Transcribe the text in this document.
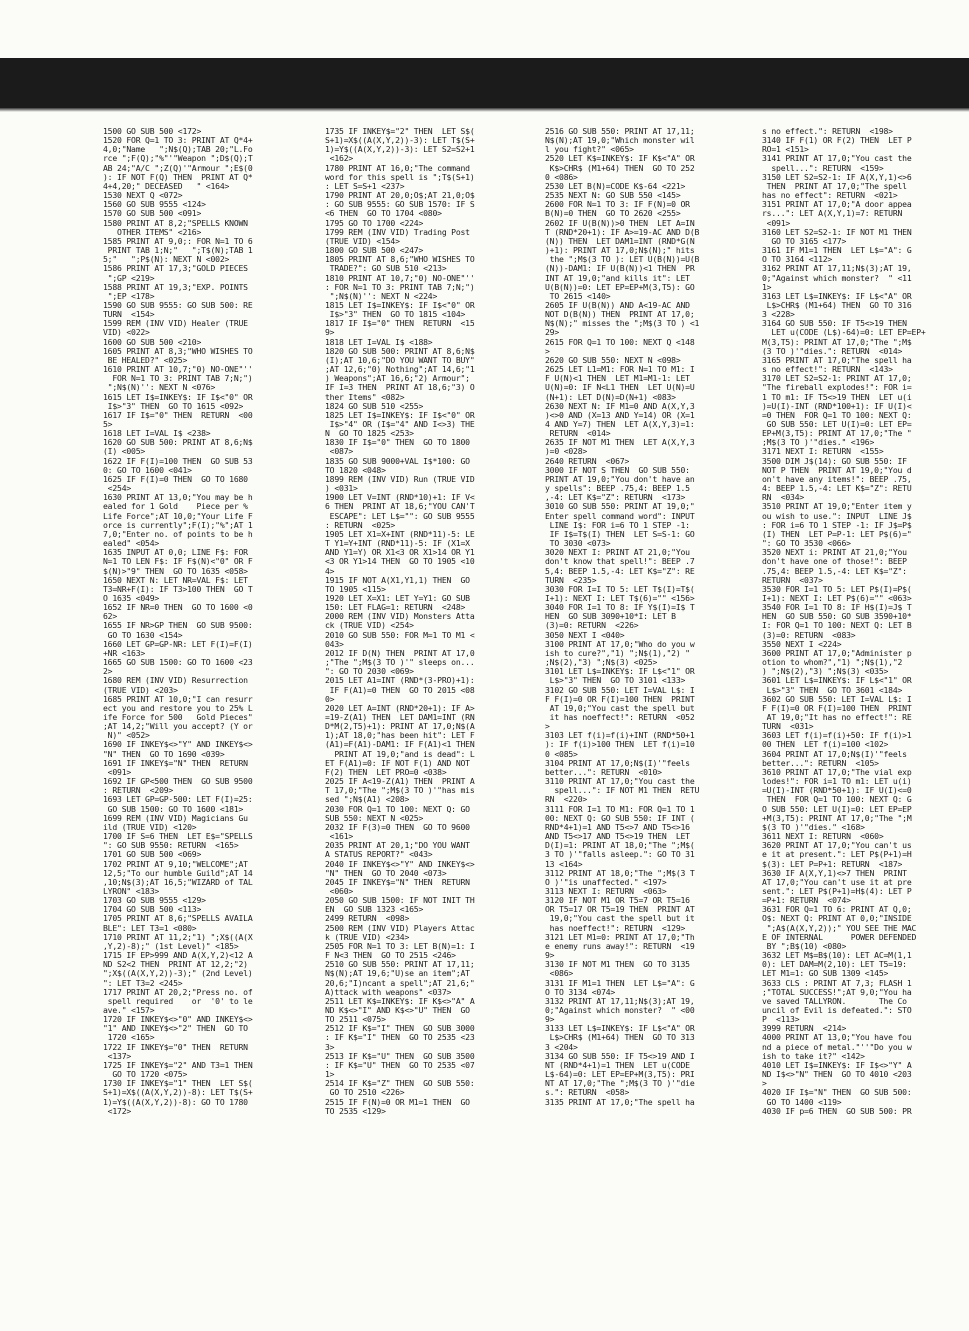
1500 GO SUB 500 <172>
1520 FOR Q=1 TO 3: PRINT AT Q*4+
4,0;"Name   ";N$(Q);TAB 20;"L.Fo
rce ";F(Q);"%"'"Weapon ";D$(Q);T
AB 24;"A/C ";Z(Q)'"Armour ";E$(0
): IF NOT F(Q) THEN  PRINT AT Q*
4+4,20;" DECEASED   " <164>
1530 NEXT Q <072>
1560 GO SUB 9555 <124>
1570 GO SUB 500 <091>
1580 PRINT AT 8,2;"SPELLS KNOWN
OTHER ITEMS" <216>
1585 PRINT AT 9,0;: FOR N=1 TO 6
PRINT TAB 1;N;"   ";T$(N);TAB 1
5;"   ";P$(N): NEXT N <002>
1586 PRINT AT 17,3;"GOLD PIECES
";GP <219>
1588 PRINT AT 19,3;"EXP. POINTS
";EP <178>
1590 GO SUB 9555: GO SUB 500: RE
TURN  <154>
1599 REM (INV VID) Healer (TRUE
VID) <022>
1600 GO SUB 500 <210>
1605 PRINT AT 8,3;"WHO WISHES TO
BE HEALED?" <025>
1610 PRINT AT 10,7;"0) NO-ONE"''
FOR N=1 TO 3: PRINT TAB 7;N;")
";N$(N)'': NEXT N <076>
1615 LET I$=INKEY$: IF I$<"0" OR
I$>"3" THEN  GO TO 1615 <092>
1617 IF I$="0" THEN  RETURN  <00
5>
1618 LET I=VAL I$ <238>
1620 GO SUB 500: PRINT AT 8,6;N$
(I) <005>
1622 IF F(I)=100 THEN  GO SUB 53
0: GO TO 1600 <041>
1625 IF F(I)=0 THEN  GO TO 1680
<254>
1630 PRINT AT 13,0;"You may be h
ealed for 1 Gold    Piece per %
Life Force";AT 10,0;"Your Life F
orce is currently";F(I);"%";AT 1
7,0;"Enter no. of points to be h
ealed" <054>
1635 INPUT AT 0,0; LINE F$: FOR
N=1 TO LEN F$: IF F$(N)<"0" OR F
$(N)>"9" THEN  GO TO 1635 <058>
1650 NEXT N: LET NR=VAL F$: LET
T3=NR+F(I): IF T3>100 THEN  GO T
O 1635 <049>
1652 IF NR=0 THEN  GO TO 1600 <0
62>
1655 IF NR>GP THEN  GO SUB 9500:
GO TO 1630 <154>
1660 LET GP=GP-NR: LET F(I)=F(I)
+NR <163>
1665 GO SUB 1500: GO TO 1600 <23
2>
1680 REM (INV VID) Resurrection
(TRUE VID) <203>
1685 PRINT AT 10,0;"I can resurr
ect you and restore you to 25% L
ife Force for 500   Gold Pieces"
;AT 14,2;"Will you accept? (Y or
N)" <052>
1690 IF INKEY$<>"Y" AND INKEY$<>
"N" THEN  GO TO 1690 <039>
1691 IF INKEY$="N" THEN  RETURN
<091>
1692 IF GP<500 THEN  GO SUB 9500
: RETURN  <209>
1693 LET GP=GP-500: LET F(I)=25:
GO SUB 1500: GO TO 1600 <181>
1699 REM (INV VID) Magicians Gu
ild (TRUE VID) <120>
1700 IF S=6 THEN  LET E$="SPELLS
": GO SUB 9550: RETURN  <165>
1701 GO SUB 500 <069>
1702 PRINT AT 9,10;"WELCOME";AT
12,5;"To our humble Guild";AT 14
,10;N$(3);AT 16,5;"WIZARD of TAL
LYRON" <183>
1703 GO SUB 9555 <129>
1704 GO SUB 500 <113>
1705 PRINT AT 8,6;"SPELLS AVAILA
BLE": LET T3=1 <080>
1710 PRINT AT 11,2;"1) ";X$((A(X
,Y,2)-8);" (1st Level)" <185>
1715 IF EP>999 AND A(X,Y,2)<12 A
ND S2<2 THEN  PRINT AT 12,2;"2)
";X$((A(X,Y,2))-3);" (2nd Level)
": LET T3=2 <245>
1717 PRINT AT 20,2;"Press no. of
spell required    or  '0' to le
ave." <157>
1720 IF INKEY$<>"0" AND INKEY$<>
"1" AND INKEY$<>"2" THEN  GO TO
1720 <165>
1722 IF INKEY$="0" THEN  RETURN
<137>
1725 IF INKEY$="2" AND T3=1 THEN
GO TO 1720 <075>
1730 IF INKEY$="1" THEN  LET S$(
S+1)=X$((A(X,Y,2))-8): LET T$(S+
1)=Y$((A(X,Y,2))-8): GO TO 1780
<172>
1735 IF INKEY$="2" THEN  LET S$(
S+1)=X$((A(X,Y,2))-3): LET T$(S+
1)=Y$((A(X,Y,2))-3): LET S2=S2+1
<162>
1780 PRINT AT 16,0;"The command
word for this spell is ";T$(S+1)
: LET S=S+1 <237>
1790 PRINT AT 20,0;O$;AT 21,0;O$
: GO SUB 9555: GO SUB 1570: IF S
<6 THEN  GO TO 1704 <080>
1795 GO TO 1700 <224>
1799 REM (INV VID) Trading Post
(TRUE VID) <154>
1800 GO SUB 500 <247>
1805 PRINT AT 8,6;"WHO WISHES TO
TRADE?": GO SUB 510 <213>
1810 PRINT AT 10,7;"0) NO-ONE"''
: FOR N=1 TO 3: PRINT TAB 7;N;")
";N$(N)'': NEXT N <224>
1815 LET I$=INKEY$: IF I$<"0" OR
I$>"3" THEN  GO TO 1815 <104>
1817 IF I$="0" THEN  RETURN  <15
9>
1818 LET I=VAL I$ <188>
1820 GO SUB 500: PRINT AT 8,6;N$
(I);AT 10,6;"DO YOU WANT TO BUY"
;AT 12,6;"0) Nothing";AT 14,6;"1
) Weapons";AT 16,6;"2) Armour";
IF I=3 THEN  PRINT AT 18,6;"3) O
ther Items" <082>
1824 GO SUB 510 <255>
1825 LET I$=INKEY$: IF I$<"0" OR
I$>"4" OR (I$="4" AND I<>3) THE
N  GO TO 1825 <253>
1830 IF I$="0" THEN  GO TO 1800
<087>
1835 GO SUB 9000+VAL I$*100: GO
TO 1820 <048>
1899 REM (INV VID) Run (TRUE VID
) <031>
1900 LET V=INT (RND*10)+1: IF V<
6 THEN  PRINT AT 18,6;"YOU CAN'T
ESCAPE": LET L$="": GO SUB 9555
: RETURN  <025>
1905 LET X1=X+INT (RND*11)-5: LE
T Y1=Y+INT (RND*11)-5: IF (X1=X
AND Y1=Y) OR X1<3 OR X1>14 OR Y1
<3 OR Y1>14 THEN  GO TO 1905 <10
4>
1915 IF NOT A(X1,Y1,1) THEN  GO
TO 1905 <115>
1920 LET X=X1: LET Y=Y1: GO SUB
150: LET FLAG=1: RETURN  <248>
2000 REM (INV VID) Monsters Atta
ck (TRUE VID) <254>
2010 GO SUB 550: FOR M=1 TO M1 <
043>
2012 IF D(N) THEN  PRINT AT 17,0
;"The ";M$(3 TO )'" sleeps on...
": GO TO 2030 <069>
2015 LET A1=INT (RND*(3-PRO)+1):
IF F(A1)=0 THEN  GO TO 2015 <08
0>
2020 LET A=INT (RND*20+1): IF A>
=19-Z(A1) THEN  LET DAM1=INT (RN
D*M(2,T5)+1): PRINT AT 17,0;N$(A
1);AT 18,0;"has been hit": LET F
(A1)=F(A1)-DAM1: IF F(A1)<1 THEN
PRINT AT 19,0;"and is dead": L
ET F(A1)=0: IF NOT F(1) AND NOT
F(2) THEN  LET PRO=0 <038>
2025 IF A<19-Z(A1) THEN  PRINT A
T 17,0;"The ";M$(3 TO )'"has mis
sed ";N$(A1) <208>
2030 FOR Q=1 TO 100: NEXT Q: GO
SUB 550: NEXT N <025>
2032 IF F(3)=0 THEN  GO TO 9600
<161>
2035 PRINT AT 20,1;"DO YOU WANT
A STATUS REPORT?" <043>
2040 IF INKEY$<>"Y" AND INKEY$<>
"N" THEN  GO TO 2040 <073>
2045 IF INKEY$="N" THEN  RETURN
<060>
2050 GO SUB 1500: IF NOT INIT TH
EN  GO SUB 1323 <165>
2499 RETURN  <098>
2500 REM (INV VID) Players Attac
k (TRUE VID) <234>
2505 FOR N=1 TO 3: LET B(N)=1: I
F N<3 THEN  GO TO 2515 <246>
2510 GO SUB 550: PRINT AT 17,11;
N$(N);AT 19,6;"U)se an item";AT
20,6;"I)ncant a spell";AT 21,6;"
A)ttack with weapons" <037>
2511 LET K$=INKEY$: IF K$<>"A" A
ND K$<>"I" AND K$<>"U" THEN  GO
TO 2511 <075>
2512 IF K$="I" THEN  GO SUB 3000
: IF K$="I" THEN  GO TO 2535 <23
3>
2513 IF K$="U" THEN  GO SUB 3500
: IF K$="U" THEN  GO TO 2535 <07
1>
2514 IF K$="Z" THEN  GO SUB 550:
GO TO 2510 <226>
2515 IF F(N)=0 OR M1=1 THEN  GO
TO 2535 <129>
2516 GO SUB 550: PRINT AT 17,11;
N$(N);AT 19,0;"Which monster wil
l you fight?" <065>
2520 LET K$=INKEY$: IF K$<"A" OR
K$>CHR$ (M1+64) THEN  GO TO 252
0 <086>
2530 LET B(N)=CODE K$-64 <221>
2535 NEXT N: GO SUB 550 <145>
2600 FOR N=1 TO 3: IF F(N)=0 OR
B(N)=0 THEN  GO TO 2620 <255>
2602 IF U(B(N))>0 THEN  LET A=IN
T (RND*20+1): IF A>=19-AC AND D(B
(N)) THEN  LET DAM1=INT (RND*G(N
)+1): PRINT AT 17,0;N$(N);" hits
the ";M$(3 TO ): LET U(B(N))=U(B
(N))-DAM1: IF U(B(N))<1 THEN  PR
INT AT 19,0;"and kills it": LET
U(B(N))=0: LET EP=EP+M(3,T5): GO
TO 2615 <140>
2605 IF U(B(N)) AND A<19-AC AND
NOT D(B(N)) THEN  PRINT AT 17,0;
N$(N);" misses the ";M$(3 TO ) <1
29>
2615 FOR Q=1 TO 100: NEXT Q <148
>
2620 GO SUB 550: NEXT N <098>
2625 LET L1=M1: FOR N=1 TO M1: I
F U(N)<1 THEN  LET M1=M1-1: LET
U(N)=0: IF N<L1 THEN  LET U(N)=U
(N+1): LET D(N)=D(N+1) <083>
2630 NEXT N: IF M1=0 AND A(X,Y,3
)<>0 AND (X=13 AND Y=14) OR (X=1
4 AND Y=7) THEN  LET A(X,Y,3)=1:
RETURN  <014>
2635 IF NOT M1 THEN  LET A(X,Y,3
)=0 <028>
2640 RETURN  <067>
3000 IF NOT S THEN  GO SUB 550:
PRINT AT 19,0;"You don't have an
y spells": BEEP .75,4: BEEP 1.5
,-4: LET K$="Z": RETURN  <173>
3010 GO SUB 550: PRINT AT 19,0;"
Enter spell command word": INPUT
LINE I$: FOR i=6 TO 1 STEP -1:
IF I$=T$(I) THEN  LET S=S-1: GO
TO 3030 <073>
3020 NEXT I: PRINT AT 21,0;"You
don't know that spell!": BEEP .7
5,4: BEEP 1.5,-4: LET K$="Z": RE
TURN  <235>
3030 FOR I=I TO 5: LET T$(I)=T$(
I+1): NEXT I: LET T$(6)="" <156>
3040 FOR I=1 TO 8: IF Y$(I)=I$ T
HEN  GO SUB 3090+10*I: LET B
(3)=0: RETURN  <226>
3050 NEXT I <040>
3100 PRINT AT 17,0;"Who do you w
ish to cure?","1) ";N$(1),"2) "
;N$(2),"3) ";N$(3) <025>
3101 LET L$=INKEY$: IF L$<"1" OR
L$>"3" THEN  GO TO 3101 <133>
3102 GO SUB 550: LET I=VAL L$: I
F F(I)=0 OR F(I)=100 THEN  PRINT
AT 19,0;"You cast the spell but
it has noeffect!": RETURN  <052
>
3103 LET f(i)=f(i)+INT (RND*50+1
): IF f(i)>100 THEN  LET f(i)=10
0 <085>
3104 PRINT AT 17,0;N$(I)'"feels
better...": RETURN  <010>
3110 PRINT AT 17,0;"You cast the
spell...": IF NOT M1 THEN  RETU
RN  <220>
3111 FOR I=1 TO M1: FOR Q=1 TO 1
00: NEXT Q: GO SUB 550: IF INT (
RND*4+1)=1 AND T5<>7 AND T5<>16
AND T5<>17 AND T5<>19 THEN  LET
D(I)=1: PRINT AT 18,0;"The ";M$(
3 TO )'"falls asleep.": GO TO 31
13 <164>
3112 PRINT AT 18,0;"The ";M$(3 T
O )'"is unaffected." <197>
3113 NEXT I: RETURN  <063>
3120 IF NOT M1 OR T5=7 OR T5=16
OR T5=17 OR T5=19 THEN  PRINT AT
19,0;"You cast the spell but it
has noeffect!": RETURN  <129>
3121 LET M1=0: PRINT AT 17,0;"Th
e enemy runs away!": RETURN  <19
9>
3130 IF NOT M1 THEN  GO TO 3135
<086>
3131 IF M1=1 THEN  LET L$="A": G
O TO 3134 <074>
3132 PRINT AT 17,11;N$(3);AT 19,
0;"Against which monster?  " <00
9>
3133 LET L$=INKEY$: IF L$<"A" OR
L$>CHR$ (M1+64) THEN  GO TO 313
3 <204>
3134 GO SUB 550: IF T5<>19 AND I
NT (RND*4+1)=1 THEN  LET u(CODE
L$-64)=0: LET EP=EP+M(3,T5): PRI
NT AT 17,0;"The ";M$(3 TO )'"die
s.": RETURN  <058>
3135 PRINT AT 17,0;"The spell ha
s no effect.": RETURN  <198>
3140 IF F(1) OR F(2) THEN  LET P
RO=1 <151>
3141 PRINT AT 17,0;"You cast the
spell...": RETURN  <159>
3150 LET S2=S2-1: IF A(X,Y,1)<>6
THEN  PRINT AT 17,0;"The spell
has no effect": RETURN  <021>
3151 PRINT AT 17,0;"A door appea
rs...": LET A(X,Y,1)=7: RETURN
<091>
3160 LET S2=S2-1: IF NOT M1 THEN
GO TO 3165 <177>
3161 IF M1=1 THEN  LET L$="A": G
O TO 3164 <112>
3162 PRINT AT 17,11;N$(3);AT 19,
0;"Against which monster?  " <11
1>
3163 LET L$=INKEY$: IF L$<"A" OR
L$>CHR$ (M1+64) THEN  GO TO 316
3 <228>
3164 GO SUB 550: IF T5<>19 THEN
LET u(CODE (L$)-64)=0: LET EP=EP+
M(3,T5): PRINT AT 17,0;"The ";M$
(3 TO )'"dies.": RETURN  <014>
3165 PRINT AT 17,0;"The spell ha
s no effect!": RETURN  <143>
3170 LET S2=S2-1: PRINT AT 17,0;
"The fireball explodes!": FOR i=
1 TO m1: IF T5<>19 THEN  LET u(i
)=U(I)-INT (RND*100+1): IF U(I)<
=0 THEN  FOR Q=1 TO 100: NEXT Q:
GO SUB 550: LET U(I)=0: LET EP=
EP+M(3,T5): PRINT AT 17,0;"The "
;M$(3 TO )'"dies." <196>
3171 NEXT I: RETURN  <155>
3500 DIM J$(14): GO SUB 550: IF
NOT P THEN  PRINT AT 19,0;"You d
on't have any items!": BEEP .75,
4: BEEP 1.5,-4: LET K$="Z": RETU
RN  <034>
3510 PRINT AT 19,0;"Enter item y
ou wish to use.": INPUT  LINE J$
: FOR i=6 TO 1 STEP -1: IF J$=P$
(I) THEN  LET P=P-1: LET P$(6)="
": GO TO 3530 <066>
3520 NEXT i: PRINT AT 21,0;"You
don't have one of those!": BEEP
.75,4: BEEP 1.5,-4: LET K$="Z":
RETURN  <037>
3530 FOR I=1 TO 5: LET P$(I)=P$(
I+1): NEXT I: LET P$(6)="" <063>
3540 FOR I=1 TO 8: IF H$(I)=J$ T
HEN  GO SUB 550: GO SUB 3590+10*
I: FOR Q=1 TO 100: NEXT Q: LET B
(3)=0: RETURN  <083>
3550 NEXT I <224>
3600 PRINT AT 17,0;"Administer p
otion to whom?","1) ";N$(1),"2
) ";N$(2),"3) ";N$(3) <035>
3601 LET L$=INKEY$: IF L$<"1" OR
L$>"3" THEN  GO TO 3601 <184>
3602 GO SUB 550: LET I=VAL L$: I
F F(I)=0 OR F(I)=100 THEN  PRINT
AT 19,0;"It has no effect!": RE
TURN  <031>
3603 LET f(i)=f(i)+50: IF f(i)>1
00 THEN  LET f(i)=100 <102>
3604 PRINT AT 17,0;N$(I)'"feels
better...": RETURN  <105>
3610 PRINT AT 17,0;"The vial exp
lodes!": FOR i=1 TO m1: LET u(i)
=U(I)-INT (RND*50+1): IF U(I)<=0
THEN  FOR Q=1 TO 100: NEXT Q: G
O SUB 550: LET U(I)=0: LET EP=EP
+M(3,T5): PRINT AT 17,0;"The ";M
$(3 TO )'"dies." <168>
3611 NEXT I: RETURN  <060>
3620 PRINT AT 17,0;"You can't us
e it at present.": LET P$(P+1)=H
$(3): LET P=P+1: RETURN  <187>
3630 IF A(X,Y,1)<>7 THEN  PRINT
AT 17,0;"You can't use it at pre
sent.": LET P$(P+1)=H$(4): LET P
=P+1: RETURN  <074>
3631 FOR Q=1 TO 6: PRINT AT Q,0;
O$: NEXT Q: PRINT AT 0,0;"INSIDE
";A$(A(X,Y,2));" YOU SEE THE MAC
E OF INTERNAL      POWER DEFENDED
BY ";B$(10) <080>
3632 LET M$=B$(10): LET AC=M(1,1
0): LET DAM=M(2,10): LET T5=19:
LET M1=1: GO SUB 1309 <145>
3633 CLS : PRINT AT 7,3; FLASH 1
;"TOTAL SUCCESS!";AT 9,0;"You ha
ve saved TALLYRON.       The Co
uncil of Evil is defeated.": STO
P  <113>
3999 RETURN  <214>
4000 PRINT AT 13,0;"You have fou
nd a piece of metal."''"Do you w
ish to take it?" <142>
4010 LET I$=INKEY$: IF I$<>"Y" A
ND I$<>"N" THEN  GO TO 4010 <203
>
4020 IF I$="N" THEN  GO SUB 500:
GO TO 1400 <119>
4030 IF p=6 THEN  GO SUB 500: PR
